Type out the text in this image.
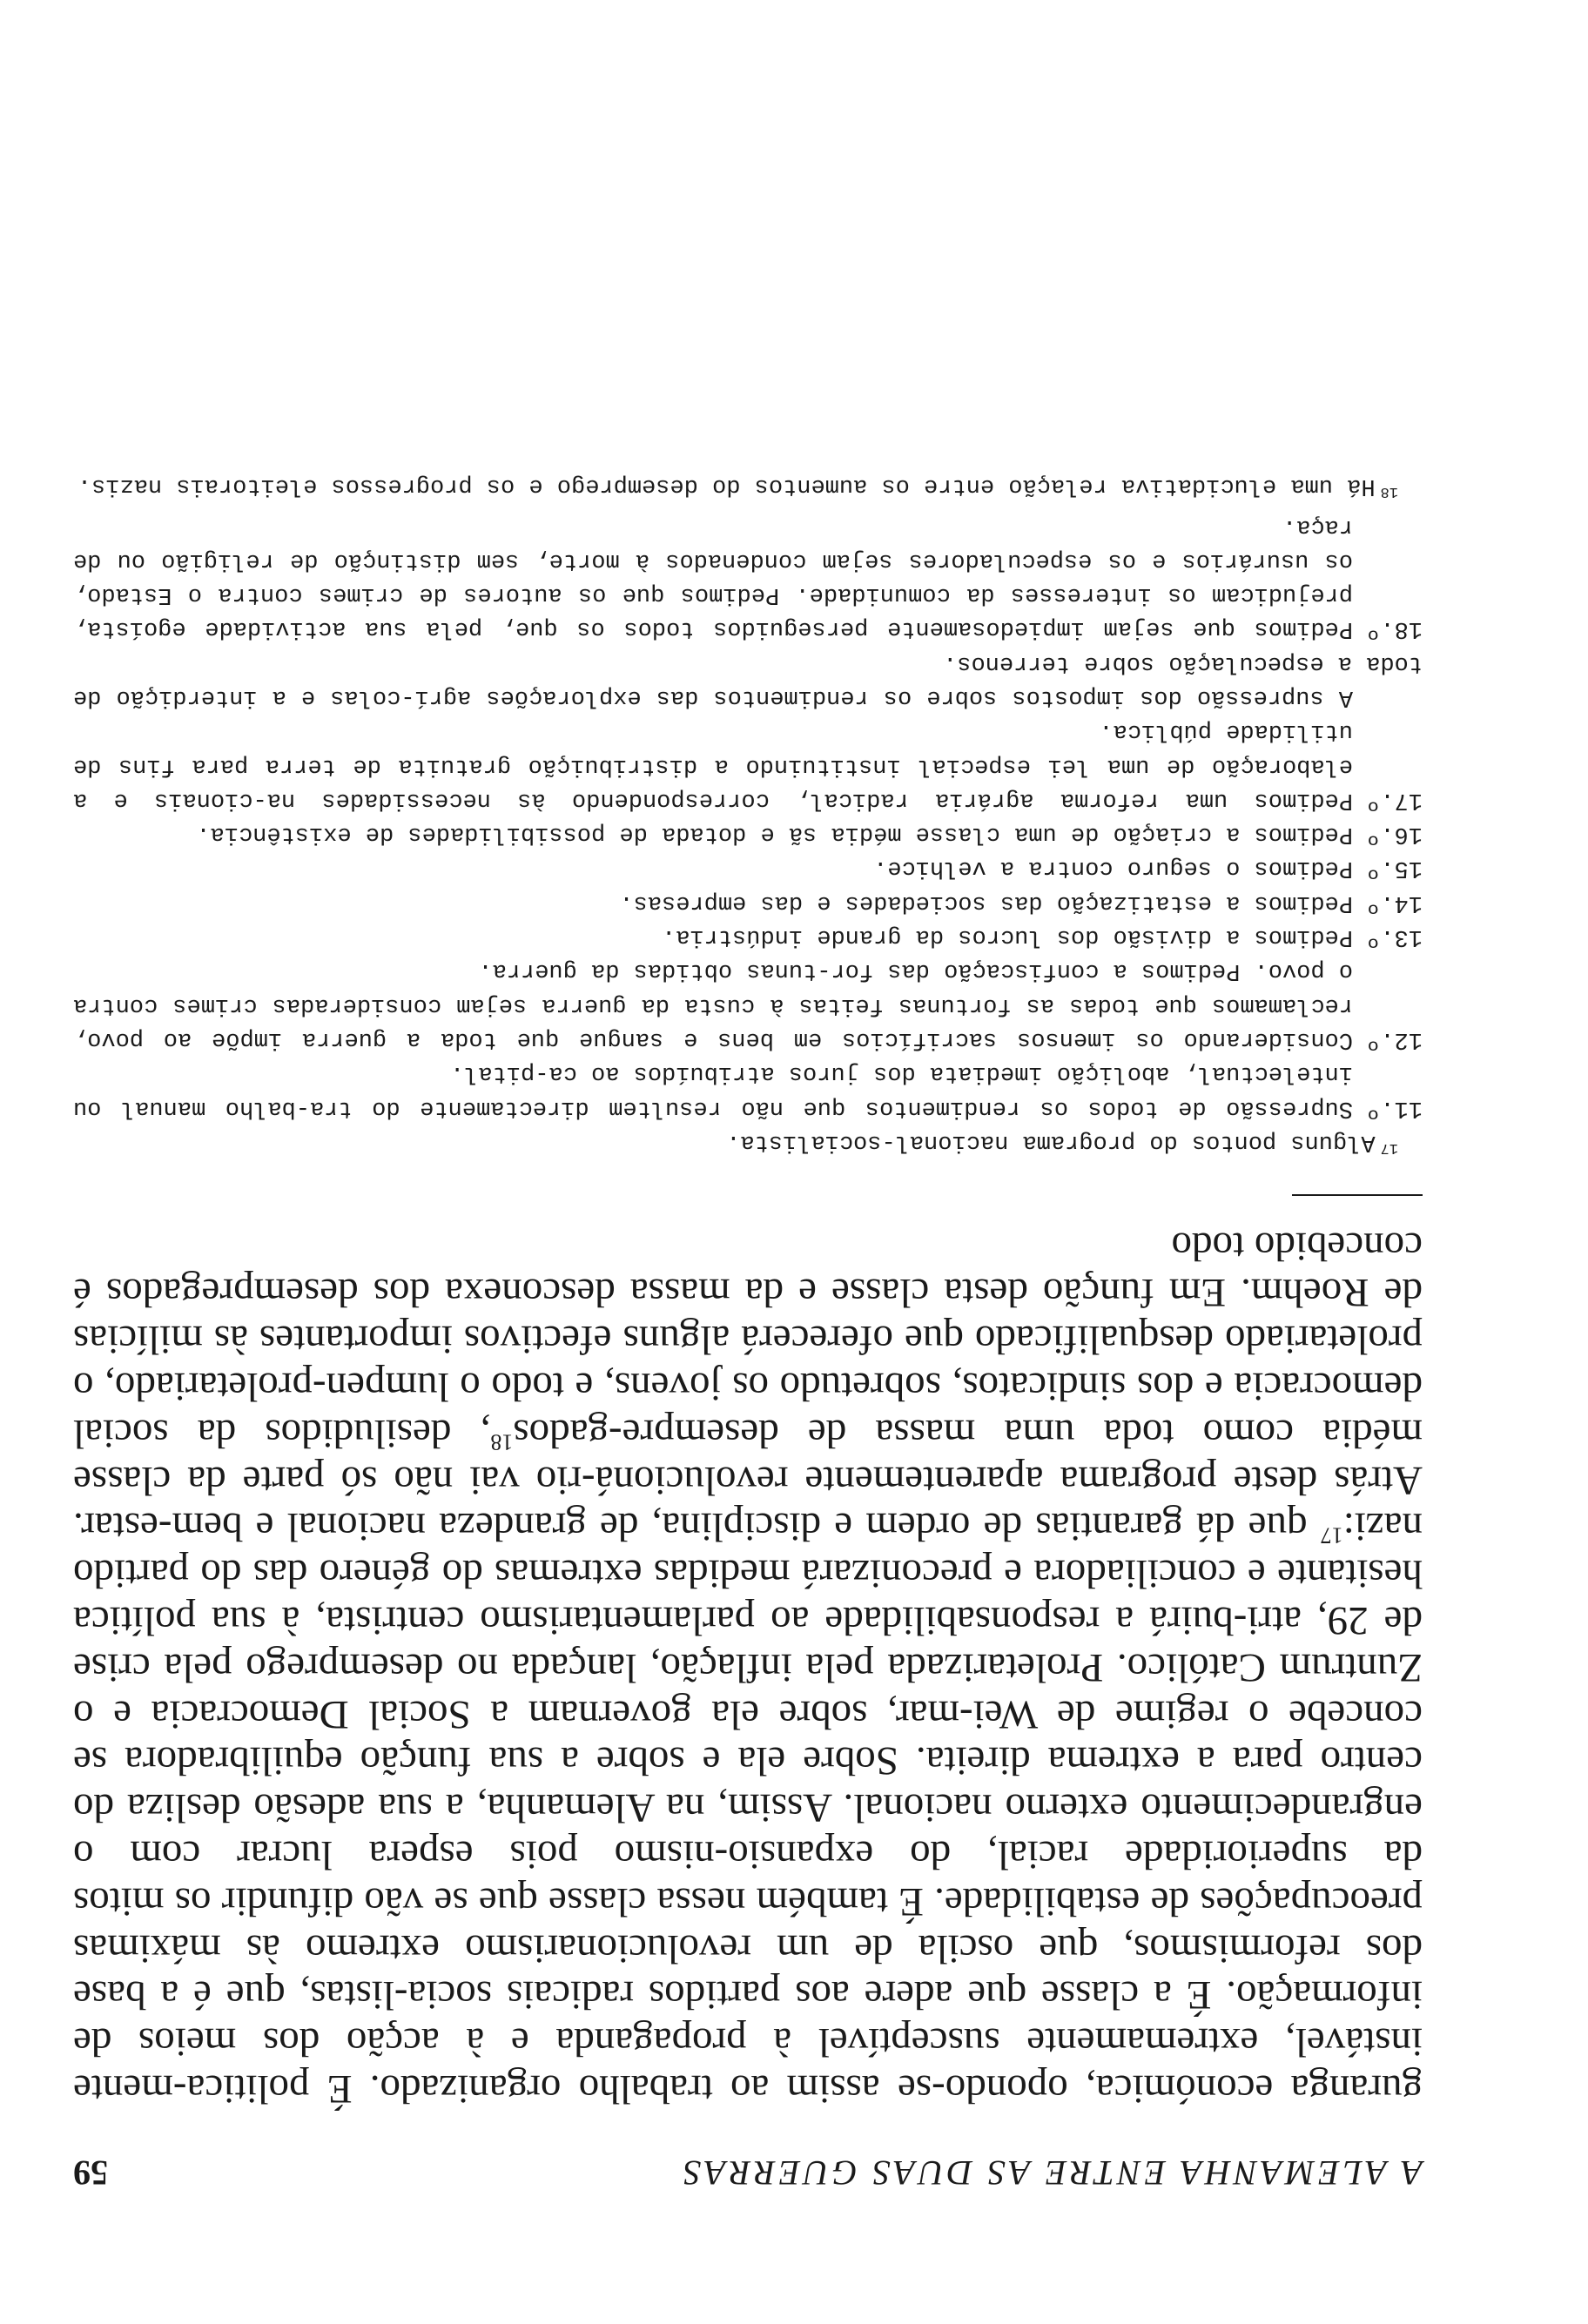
A ALEMANHA ENTRE AS DUAS GUERRAS
59

guranga económica, opondo-se assim ao trabalho organizado. É politica-mente instável, extremamente susceptível à propaganda e à acção dos meios de informação. É a classe que adere aos partidos radicais socia-listas, que é a base dos reformismos, que oscila de um revolucionarismo extremo às máximas preocupações de estabilidade. É também nessa classe que se vão difundir os mitos da superioridade racial, do expansio-nismo pois espera lucrar com o engrandecimento externo nacional. Assim, na Alemanha, a sua adesão desliza do centro para a extrema direita. Sobre ela e sobre a sua função equilibradora se concebe o regime de Wei-mar, sobre ela governam a Social Democracia e o Zuntrum Católico. Proletarizada pela inflação, lançada no desemprego pela crise de 29, atri-buirá a responsabilidade ao parlamentarismo centrista, à sua política hesitante e conciliadora e preconizará medidas extremas do género das do partido nazi:$^{17}$ que dá garantias de ordem e disciplina, de grandeza nacional e bem-estar. Atrás deste programa aparentemente revolucioná-rio vai não só parte da classe média como toda uma massa de desempre-gados$^{18}$, desiludidos da social democracia e dos sindicatos, sobretudo os jovens, e todo o lumpen-proletariado, o proletariado desqualificado que oferecerá alguns efectivos importantes às milícias de Roehm. Em função desta classe e da massa desconexa dos desempregados é concebido todo

$^{17}$Alguns pontos do programa nacional-socialista.
11.º
Supressão de todos os rendimentos que não resultem directamente do tra-balho manual ou intelectual, abolição imediata dos juros atribuídos ao ca-pital.
12.º
Considerando os imensos sacrifícios em bens e sangue que toda a guerra impõe ao povo, reclamamos que todas as fortunas feitas à custa da guerra sejam consideradas crimes contra o povo. Pedimos a confiscação das for-tunas obtidas da guerra.
13.º
Pedimos a divisão dos lucros da grande indústria.
14.º
Pedimos a estatização das sociedades e das empresas.
15.º
Pedimos o seguro contra a velhice.
16.º
Pedimos a criação de uma classe média sã e dotada de possibilidades de existência.
17.º
Pedimos uma reforma agrária radical, correspondendo às necessidades na-cionais e a elaboração de uma lei especial instituindo a distribuição gratuita de terra para fins de utilidade pública.
A supressão dos impostos sobre os rendimentos das explorações agrí-colas e a interdição de toda a especulação sobre terrenos.
18.º
Pedimos que sejam impiedosamente perseguidos todos os que, pela sua actividade egoísta, prejudicam os interesses da comunidade. Pedimos que os autores de crimes contra o Estado, os usurários e os especuladores sejam condenados à morte, sem distinção de religião ou de raça.
$^{18}$Há uma elucidativa relação entre os aumentos do desemprego e os progressos eleitorais nazis.
